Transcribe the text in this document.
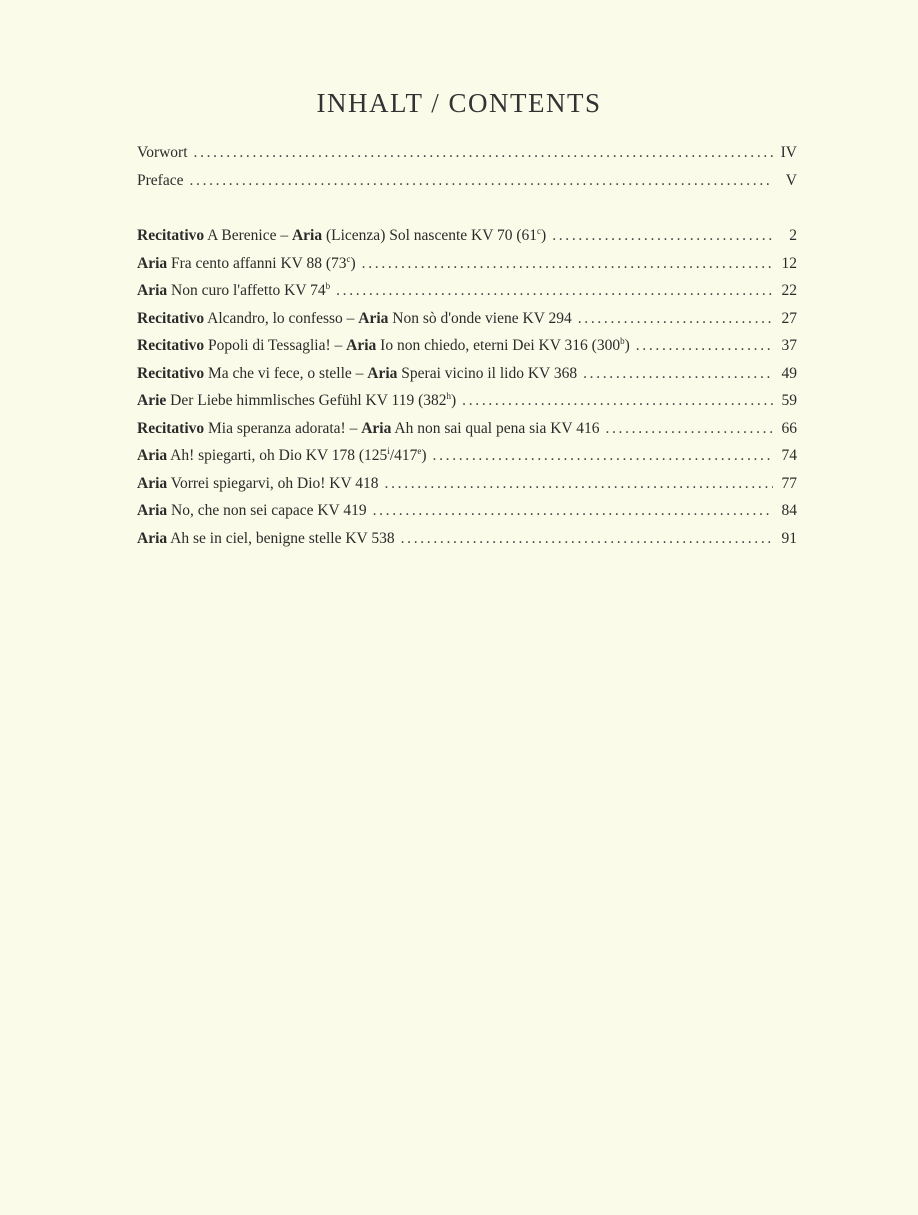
INHALT / CONTENTS
Vorwort . . .	IV
Preface . . .	V
Recitativo A Berenice – Aria (Licenza) Sol nascente KV 70 (61$^c$) . . .	2
Aria Fra cento affanni KV 88 (73$^c$) . . .	12
Aria Non curo l'affetto KV 74$^b$ . . .	22
Recitativo Alcandro, lo confesso – Aria Non sò d'onde viene KV 294 . . .	27
Recitativo Popoli di Tessaglia! – Aria Io non chiedo, eterni Dei KV 316 (300$^b$) . . .	37
Recitativo Ma che vi fece, o stelle – Aria Sperai vicino il lido KV 368 . . .	49
Arie Der Liebe himmlisches Gefühl KV 119 (382$^h$) . . .	59
Recitativo Mia speranza adorata! – Aria Ah non sai qual pena sia KV 416 . . .	66
Aria Ah! spiegarti, oh Dio KV 178 (125$^i$/417e) . . .	74
Aria Vorrei spiegarvi, oh Dio! KV 418 . . .	77
Aria No, che non sei capace KV 419 . . .	84
Aria Ah se in ciel, benigne stelle KV 538 . . .	91
